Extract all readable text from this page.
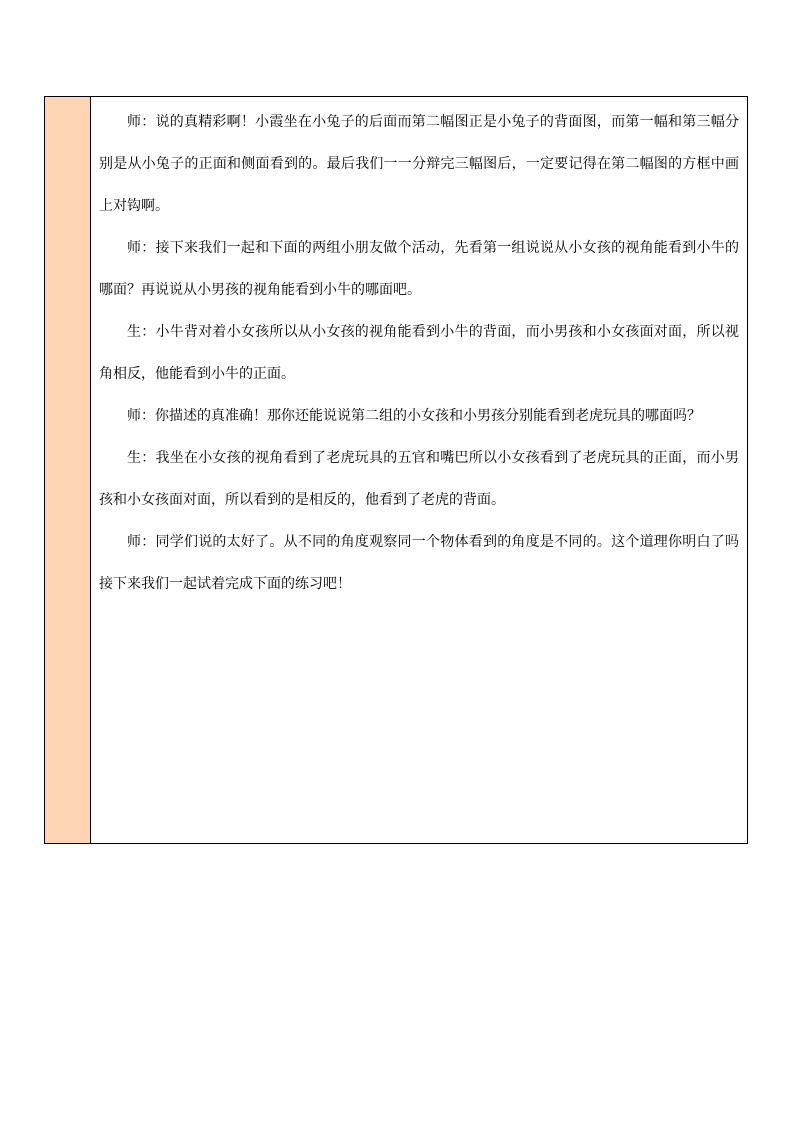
师：说的真精彩啊！小霞坐在小兔子的后面而第二幅图正是小兔子的背面图，而第一幅和第三幅分别是从小兔子的正面和侧面看到的。最后我们一一分辩完三幅图后，一定要记得在第二幅图的方框中画上对钩啊。

师：接下来我们一起和下面的两组小朋友做个活动，先看第一组说说从小女孩的视角能看到小牛的哪面？再说说从小男孩的视角能看到小牛的哪面吧。

生：小牛背对着小女孩所以从小女孩的视角能看到小牛的背面，而小男孩和小女孩面对面，所以视角相反，他能看到小牛的正面。

师：你描述的真准确！那你还能说说第二组的小女孩和小男孩分别能看到老虎玩具的哪面吗？

生：我坐在小女孩的视角看到了老虎玩具的五官和嘴巴所以小女孩看到了老虎玩具的正面，而小男孩和小女孩面对面，所以看到的是相反的，他看到了老虎的背面。

师：同学们说的太好了。从不同的角度观察同一个物体看到的角度是不同的。这个道理你明白了吗接下来我们一起试着完成下面的练习吧！
